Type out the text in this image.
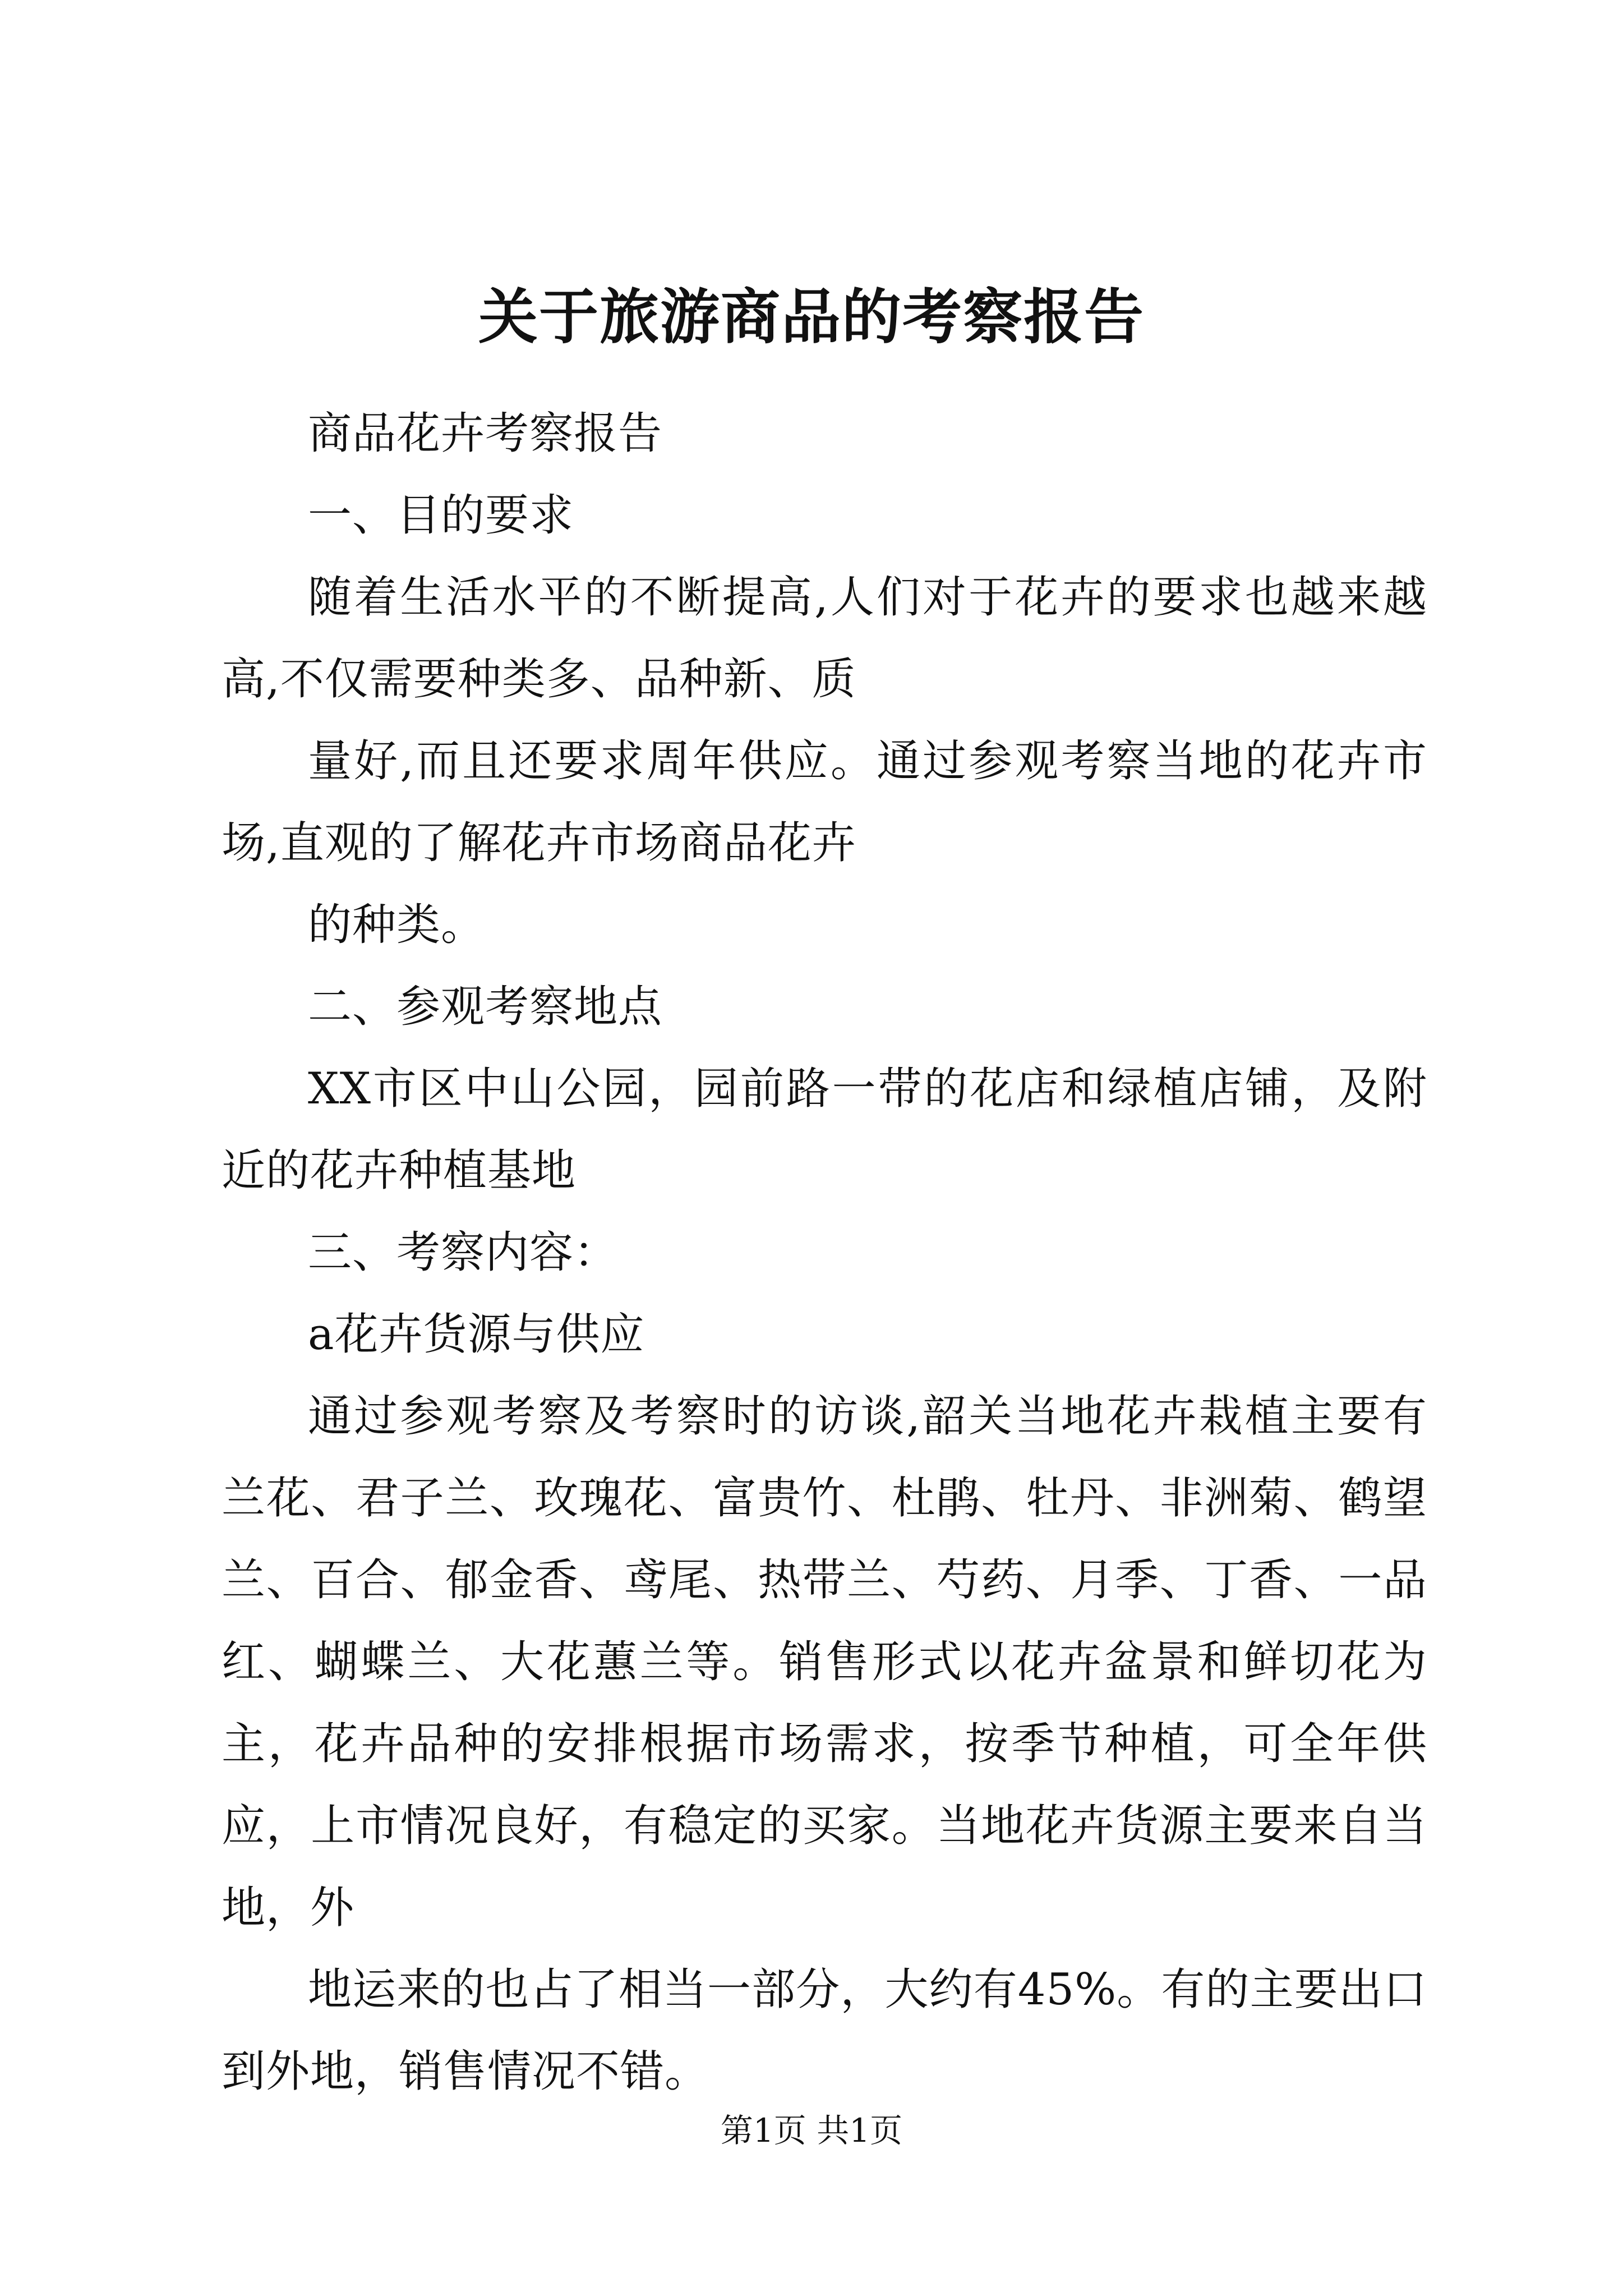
关于旅游商品的考察报告

商品花卉考察报告

一、目的要求

随着生活水平的不断提高,人们对于花卉的要求也越来越高,不仅需要种类多、品种新、质

量好,而且还要求周年供应。通过参观考察当地的花卉市场,直观的了解花卉市场商品花卉

的种类。

二、参观考察地点

XX市区中山公园，园前路一带的花店和绿植店铺，及附近的花卉种植基地

三、考察内容：

a花卉货源与供应

通过参观考察及考察时的访谈,韶关当地花卉栽植主要有兰花、君子兰、玫瑰花、富贵竹、杜鹃、牡丹、非洲菊、鹤望兰、百合、郁金香、鸢尾、热带兰、芍药、月季、丁香、一品红、蝴蝶兰、大花蕙兰等。销售形式以花卉盆景和鲜切花为主，花卉品种的安排根据市场需求，按季节种植，可全年供应，上市情况良好，有稳定的买家。当地花卉货源主要来自当地，外

地运来的也占了相当一部分，大约有45%。有的主要出口到外地，销售情况不错。

第1页 共1页
